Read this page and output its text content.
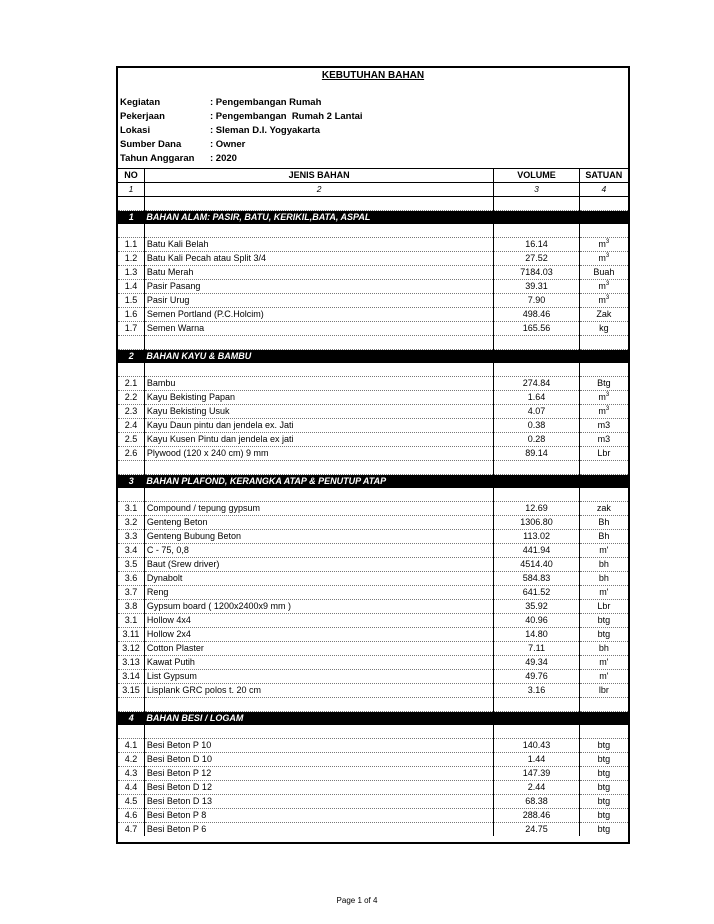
KEBUTUHAN BAHAN
Kegiatan	: Pengembangan Rumah
Pekerjaan	: Pengembangan  Rumah 2 Lantai
Lokasi	: Sleman D.I. Yogyakarta
Sumber Dana	: Owner
Tahun Anggaran	: 2020
NO	JENIS BAHAN	VOLUME	SATUAN
1	2	3	4

1	BAHAN ALAM: PASIR, BATU, KERIKIL,BATA, ASPAL		

1.1	Batu Kali Belah	16.14	$m^3$
1.2	Batu Kali Pecah atau Split 3/4	27.52	$m^3$
1.3	Batu Merah	7184.03	Buah
1.4	Pasir Pasang	39.31	$m^3$
1.5	Pasir Urug	7.90	$m^3$
1.6	Semen Portland (P.C.Holcim)	498.46	Zak
1.7	Semen Warna	165.56	kg

2	BAHAN KAYU & BAMBU		

2.1	Bambu	274.84	Btg
2.2	Kayu Bekisting Papan	1.64	$m^3$
2.3	Kayu Bekisting Usuk	4.07	$m^3$
2.4	Kayu Daun pintu dan jendela ex. Jati	0.38	m3
2.5	Kayu Kusen Pintu dan jendela ex jati	0.28	m3
2.6	Plywood (120 x 240 cm) 9 mm	89.14	Lbr

3	BAHAN PLAFOND, KERANGKA ATAP & PENUTUP ATAP		

3.1	Compound / tepung gypsum	12.69	zak
3.2	Genteng Beton	1306.80	Bh
3.3	Genteng Bubung Beton	113.02	Bh
3.4	C - 75, 0,8	441.94	m'
3.5	Baut (Srew driver)	4514.40	bh
3.6	Dynabolt	584.83	bh
3.7	Reng	641.52	m'
3.8	Gypsum board ( 1200x2400x9 mm )	35.92	Lbr
3.1	Hollow 4x4	40.96	btg
3.11	Hollow 2x4	14.80	btg
3.12	Cotton Plaster	7.11	bh
3.13	Kawat Putih	49.34	m'
3.14	List Gypsum	49.76	m'
3.15	Lisplank GRC polos t. 20 cm	3.16	lbr

4	BAHAN BESI / LOGAM		

4.1	Besi Beton P 10	140.43	btg
4.2	Besi Beton D 10	1.44	btg
4.3	Besi Beton P 12	147.39	btg
4.4	Besi Beton D 12	2.44	btg
4.5	Besi Beton D 13	68.38	btg
4.6	Besi Beton P 8	288.46	btg
4.7	Besi Beton P 6	24.75	btg
Page 1 of 4
